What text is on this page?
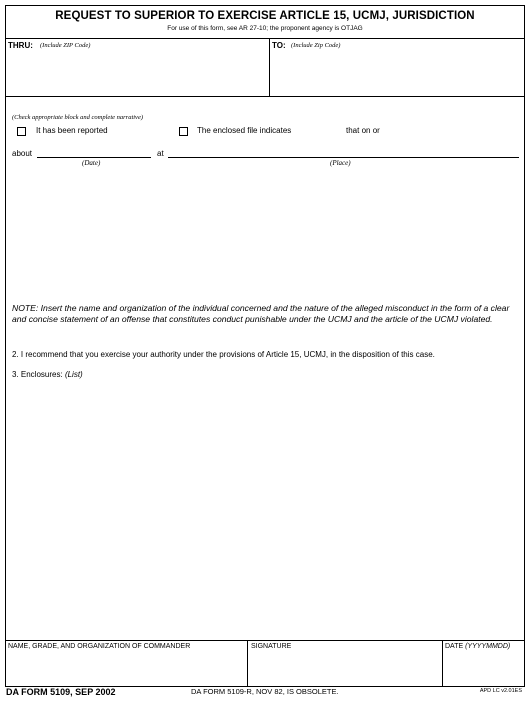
REQUEST TO SUPERIOR TO EXERCISE ARTICLE 15, UCMJ, JURISDICTION
For use of this form, see AR 27-10; the proponent agency is OTJAG
THRU: (Include ZIP Code)	TO: (Include Zip Code)
(Check appropriate block and complete narrative)
It has been reported	The enclosed file indicates	that on or
about
(Date)
at
(Place)
NOTE: Insert the name and organization of the individual concerned and the nature of the alleged misconduct in the form of a clear and concise statement of an offense that constitutes conduct punishable under the UCMJ and the article of the UCMJ violated.
2. I recommend that you exercise your authority under the provisions of Article 15, UCMJ, in the disposition of this case.
3. Enclosures: (List)
NAME, GRADE, AND ORGANIZATION OF COMMANDER	SIGNATURE	DATE (YYYYMMDD)
DA FORM 5109, SEP 2002	DA FORM 5109-R, NOV 82, IS OBSOLETE.	APD LC v2.01ES
